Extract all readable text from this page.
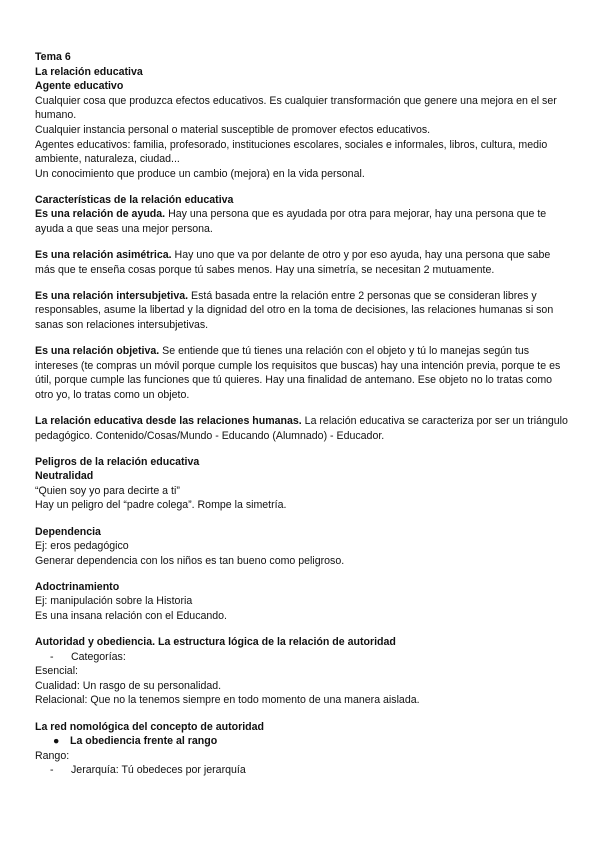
Tema 6

La relación educativa

Agente educativo

Cualquier cosa que produzca efectos educativos. Es cualquier transformación que genere una mejora en el ser humano.

Cualquier instancia personal o material susceptible de promover efectos educativos.

Agentes educativos: familia, profesorado, instituciones escolares, sociales e informales, libros, cultura, medio ambiente, naturaleza, ciudad...

Un conocimiento que produce un cambio (mejora) en la vida personal.

Características de la relación educativa

Es una relación de ayuda. Hay una persona que es ayudada por otra para mejorar, hay una persona que te ayuda a que seas una mejor persona.

Es una relación asimétrica. Hay uno que va por delante de otro y por eso ayuda, hay una persona que sabe más que te enseña cosas porque tú sabes menos. Hay una simetría, se necesitan 2 mutuamente.

Es una relación intersubjetiva. Está basada entre la relación entre 2 personas que se consideran libres y responsables, asume la libertad y la dignidad del otro en la toma de decisiones, las relaciones humanas si son sanas son relaciones intersubjetivas.

Es una relación objetiva. Se entiende que tú tienes una relación con el objeto y tú lo manejas según tus intereses (te compras un móvil porque cumple los requisitos que buscas) hay una intención previa, porque te es útil, porque cumple las funciones que tú quieres. Hay una finalidad de antemano. Ese objeto no lo tratas como otro yo, lo tratas como un objeto.

La relación educativa desde las relaciones humanas. La relación educativa se caracteriza por ser un triángulo pedagógico. Contenido/Cosas/Mundo - Educando (Alumnado) - Educador.

Peligros de la relación educativa

Neutralidad

“Quien soy yo para decirte a ti”

Hay un peligro del “padre colega”. Rompe la simetría.

Dependencia

Ej: eros pedagógico

Generar dependencia con los niños es tan bueno como peligroso.

Adoctrinamiento

Ej: manipulación sobre la Historia

Es una insana relación con el Educando.

Autoridad y obediencia. La estructura lógica de la relación de autoridad

- Categorías:

Esencial:

Cualidad: Un rasgo de su personalidad.

Relacional: Que no la tenemos siempre en todo momento de una manera aislada.

La red nomológica del concepto de autoridad

● La obediencia frente al rango

Rango:

- Jerarquía: Tú obedeces por jerarquía
